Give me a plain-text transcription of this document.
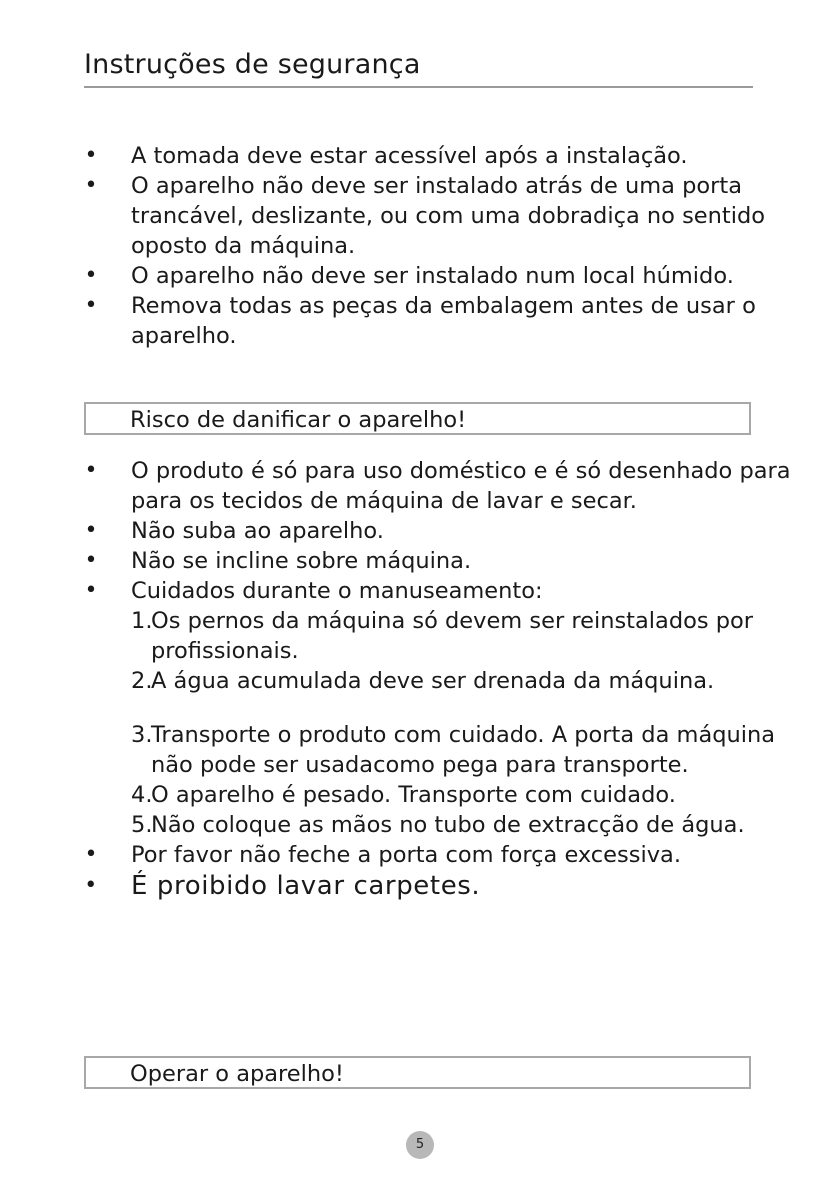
Instruções de segurança
• A tomada deve estar acessível após a instalação.
• O aparelho não deve ser instalado atrás de uma porta
trancável, deslizante, ou com uma dobradiça no sentido
oposto da máquina.
• O aparelho não deve ser instalado num local húmido.
• Remova todas as peças da embalagem antes de usar o
aparelho.
Risco de danificar o aparelho!
• O produto é só para uso doméstico e é só desenhado para
para os tecidos de máquina de lavar e secar.
• Não suba ao aparelho.
• Não se incline sobre máquina.
• Cuidados durante o manuseamento:
1.
Os pernos da máquina só devem ser reinstalados por
profissionais.
2.
A água acumulada deve ser drenada da máquina.
3.
Transporte o produto com cuidado. A porta da máquina
não pode ser usadacomo pega para transporte.
4.
O aparelho é pesado. Transporte com cuidado.
5.
Não coloque as mãos no tubo de extracção de água.
• Por favor não feche a porta com força excessiva.
• É proibido lavar carpetes.
Operar o aparelho!
5
